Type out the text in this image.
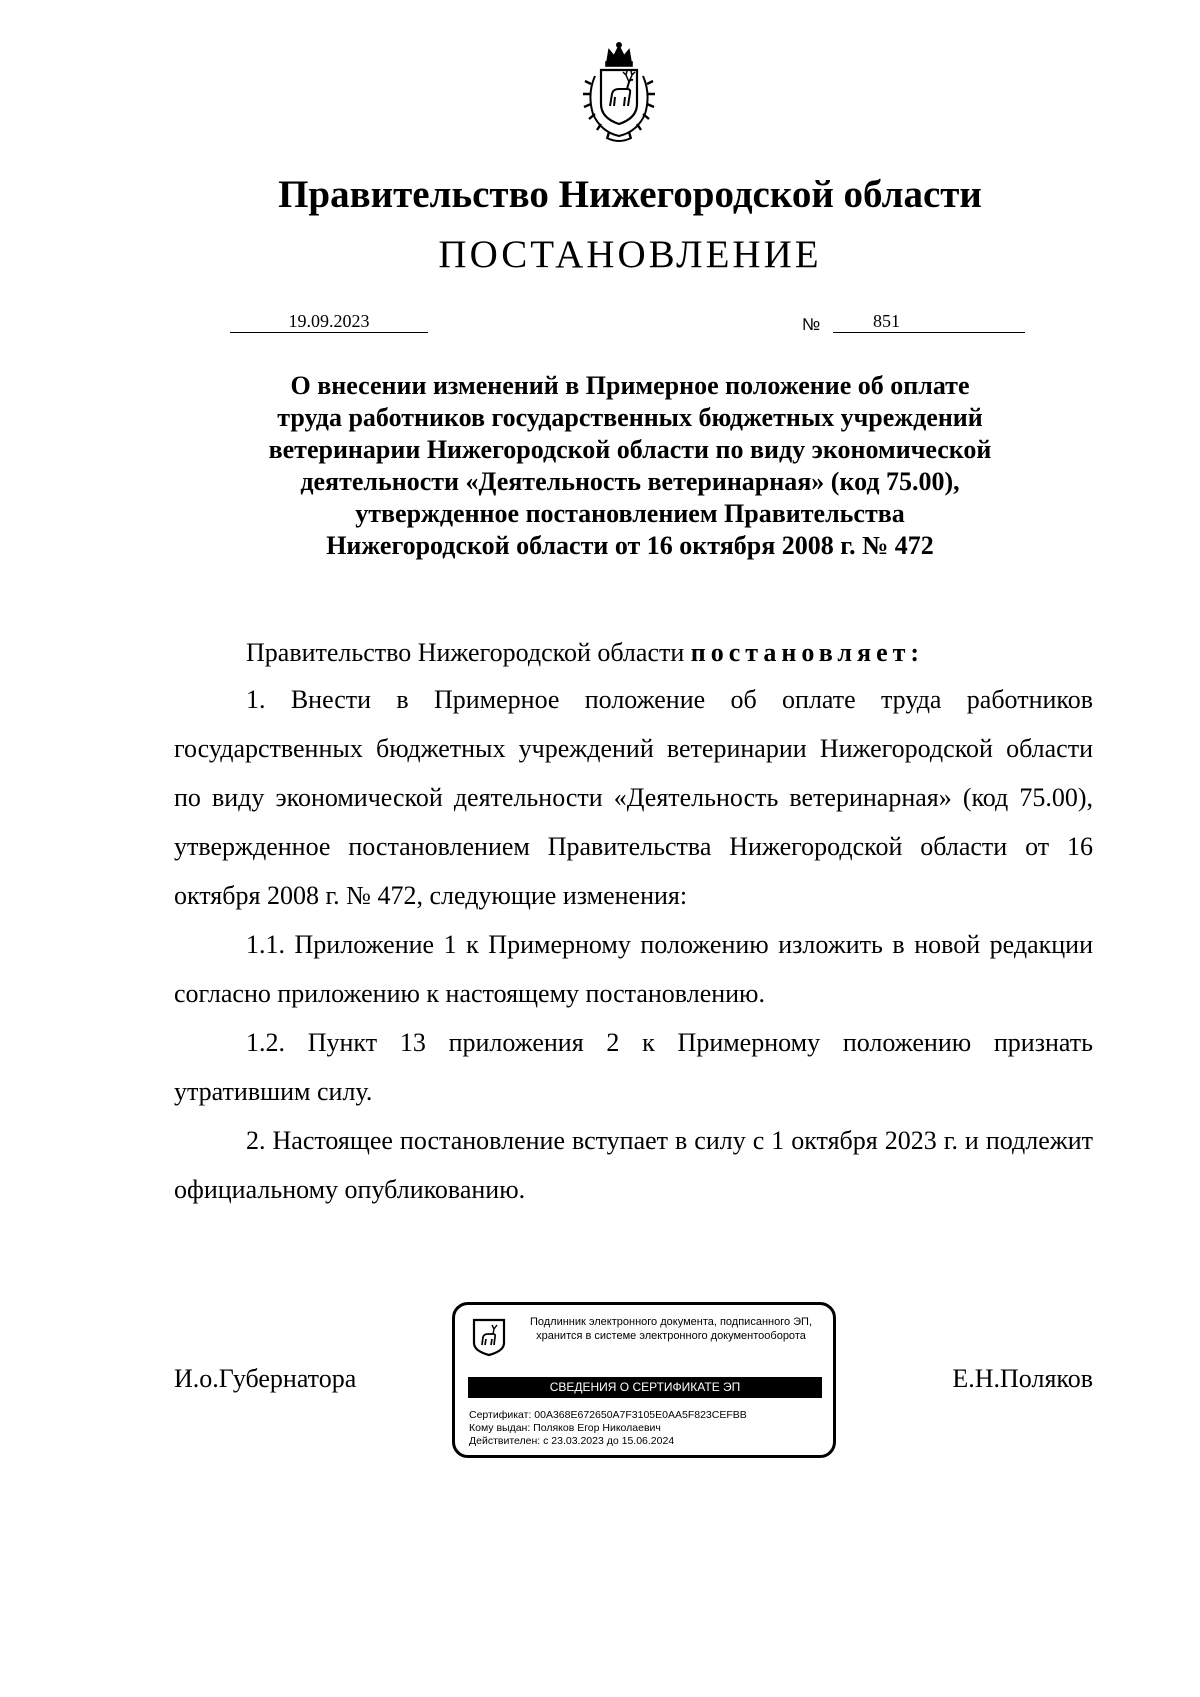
Правительство Нижегородской области
ПОСТАНОВЛЕНИЕ
19.09.2023	№	851
О внесении изменений в Примерное положение об оплате
труда работников государственных бюджетных учреждений
ветеринарии Нижегородской области по виду экономической
деятельности «Деятельность ветеринарная» (код 75.00),
утвержденное постановлением Правительства
Нижегородской области от 16 октября 2008 г. № 472

Правительство Нижегородской области постановляет:

1. Внести в Примерное положение об оплате труда работников государственных бюджетных учреждений ветеринарии Нижегородской области по виду экономической деятельности «Деятельность ветеринарная» (код 75.00), утвержденное постановлением Правительства Нижегородской области от 16 октября 2008 г. № 472, следующие изменения:

1.1. Приложение 1 к Примерному положению изложить в новой редакции согласно приложению к настоящему постановлению.

1.2. Пункт 13 приложения 2 к Примерному положению признать утратившим силу.

2. Настоящее постановление вступает в силу с 1 октября 2023 г. и подлежит официальному опубликованию.

И.о.Губернатора	Е.Н.Поляков
Подлинник электронного документа, подписанного ЭП,
хранится в системе электронного документооборота
СВЕДЕНИЯ О СЕРТИФИКАТЕ ЭП
Сертификат: 00A368E672650A7F3105E0AA5F823CEFBB
Кому выдан: Поляков Егор Николаевич
Действителен: с 23.03.2023 до 15.06.2024
